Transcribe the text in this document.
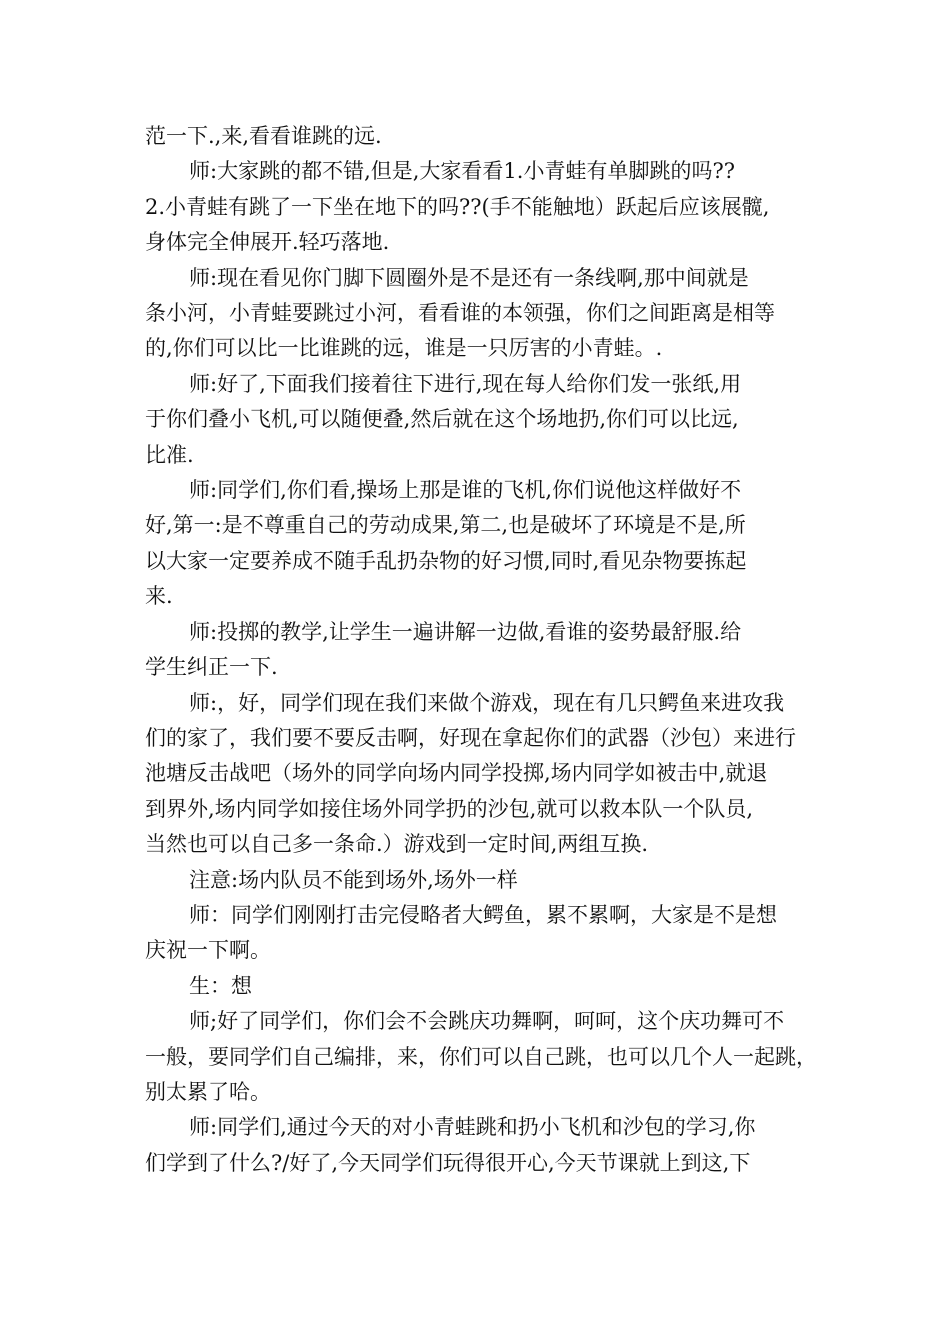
范一下.,来,看看谁跳的远.

师:大家跳的都不错,但是,大家看看1.小青蛙有单脚跳的吗??
2.小青蛙有跳了一下坐在地下的吗??(手不能触地）跃起后应该展髋,
身体完全伸展开.轻巧落地.

师:现在看见你门脚下圆圈外是不是还有一条线啊,那中间就是
条小河，小青蛙要跳过小河，看看谁的本领强，你们之间距离是相等
的,你们可以比一比谁跳的远，谁是一只厉害的小青蛙。.

师:好了,下面我们接着往下进行,现在每人给你们发一张纸,用
于你们叠小飞机,可以随便叠,然后就在这个场地扔,你们可以比远,
比准.

师:同学们,你们看,操场上那是谁的飞机,你们说他这样做好不
好,第一:是不尊重自己的劳动成果,第二,也是破坏了环境是不是,所
以大家一定要养成不随手乱扔杂物的好习惯,同时,看见杂物要拣起
来.

师:投掷的教学,让学生一遍讲解一边做,看谁的姿势最舒服.给
学生纠正一下.

师:，好，同学们现在我们来做个游戏，现在有几只鳄鱼来进攻我
们的家了，我们要不要反击啊，好现在拿起你们的武器（沙包）来进行
池塘反击战吧（场外的同学向场内同学投掷,场内同学如被击中,就退
到界外,场内同学如接住场外同学扔的沙包,就可以救本队一个队员,
当然也可以自己多一条命.）游戏到一定时间,两组互换.

注意:场内队员不能到场外,场外一样

师：同学们刚刚打击完侵略者大鳄鱼，累不累啊，大家是不是想
庆祝一下啊。

生：想

师;好了同学们，你们会不会跳庆功舞啊，呵呵，这个庆功舞可不
一般，要同学们自己编排，来，你们可以自己跳，也可以几个人一起跳，
别太累了哈。

师:同学们,通过今天的对小青蛙跳和扔小飞机和沙包的学习,你
们学到了什么?/好了,今天同学们玩得很开心,今天节课就上到这,下
